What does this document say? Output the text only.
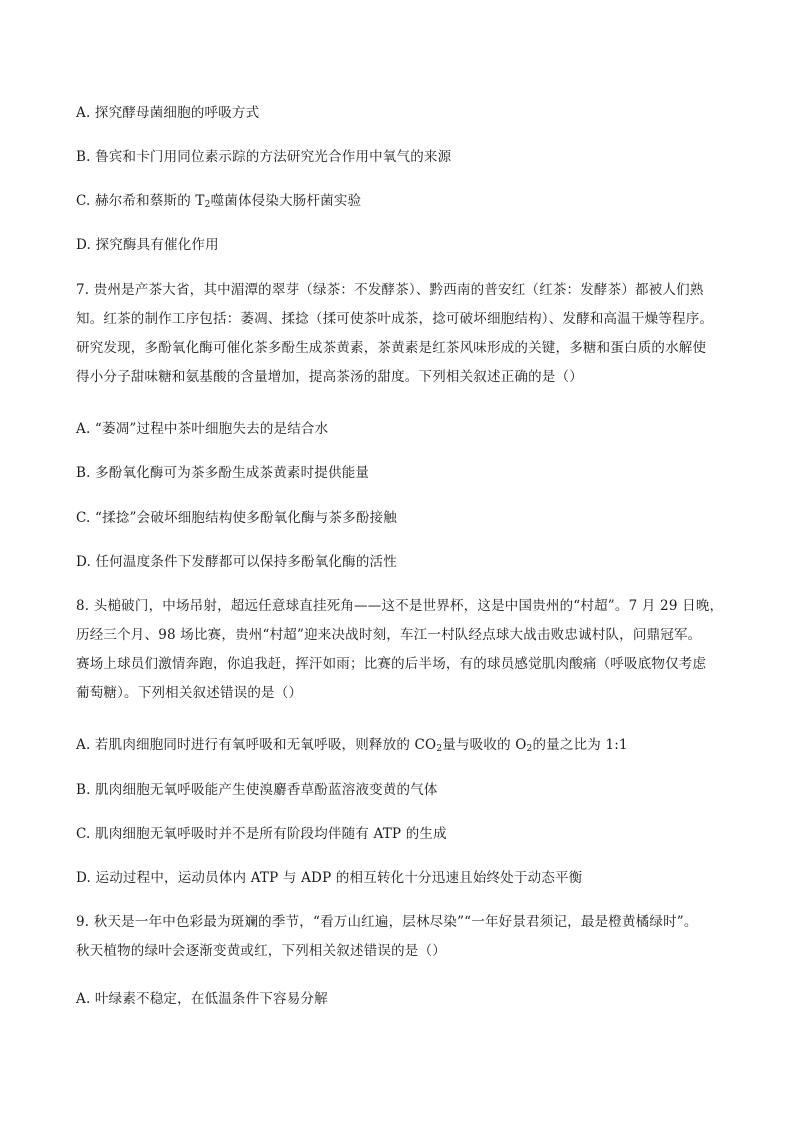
A. 探究酵母菌细胞的呼吸方式
B. 鲁宾和卡门用同位素示踪的方法研究光合作用中氧气的来源
C. 赫尔希和蔡斯的 $T_2$噬菌体侵染大肠杆菌实验
D. 探究酶具有催化作用
7. 贵州是产茶大省，其中湄潭的翠芽（绿茶：不发酵茶）、黔西南的普安红（红茶：发酵茶）都被人们熟
知。红茶的制作工序包括：萎凋、揉捻（揉可使茶叶成茶，捻可破坏细胞结构）、发酵和高温干燥等程序。
研究发现，多酚氧化酶可催化茶多酚生成茶黄素，茶黄素是红茶风味形成的关键，多糖和蛋白质的水解使
得小分子甜味糖和氨基酸的含量增加，提高茶汤的甜度。下列相关叙述正确的是（）
A. “萎凋”过程中茶叶细胞失去的是结合水
B. 多酚氧化酶可为茶多酚生成茶黄素时提供能量
C. “揉捻”会破坏细胞结构使多酚氧化酶与茶多酚接触
D. 任何温度条件下发酵都可以保持多酚氧化酶的活性
8. 头槌破门，中场吊射，超远任意球直挂死角——这不是世界杯，这是中国贵州的“村超”。7 月 29 日晚，
历经三个月、98 场比赛，贵州“村超”迎来决战时刻，车江一村队经点球大战击败忠诚村队，问鼎冠军。
赛场上球员们激情奔跑，你追我赶，挥汗如雨；比赛的后半场，有的球员感觉肌肉酸痛（呼吸底物仅考虑
葡萄糖）。下列相关叙述错误的是（）
A. 若肌肉细胞同时进行有氧呼吸和无氧呼吸，则释放的 $CO_2$量与吸收的 $O_2$的量之比为 1:1
B. 肌肉细胞无氧呼吸能产生使溴麝香草酚蓝溶液变黄的气体
C. 肌肉细胞无氧呼吸时并不是所有阶段均伴随有 ATP 的生成
D. 运动过程中，运动员体内 ATP 与 ADP 的相互转化十分迅速且始终处于动态平衡
9. 秋天是一年中色彩最为斑斓的季节，“看万山红遍，层林尽染”“一年好景君须记，最是橙黄橘绿时”。
秋天植物的绿叶会逐渐变黄或红，下列相关叙述错误的是（）
A. 叶绿素不稳定，在低温条件下容易分解
